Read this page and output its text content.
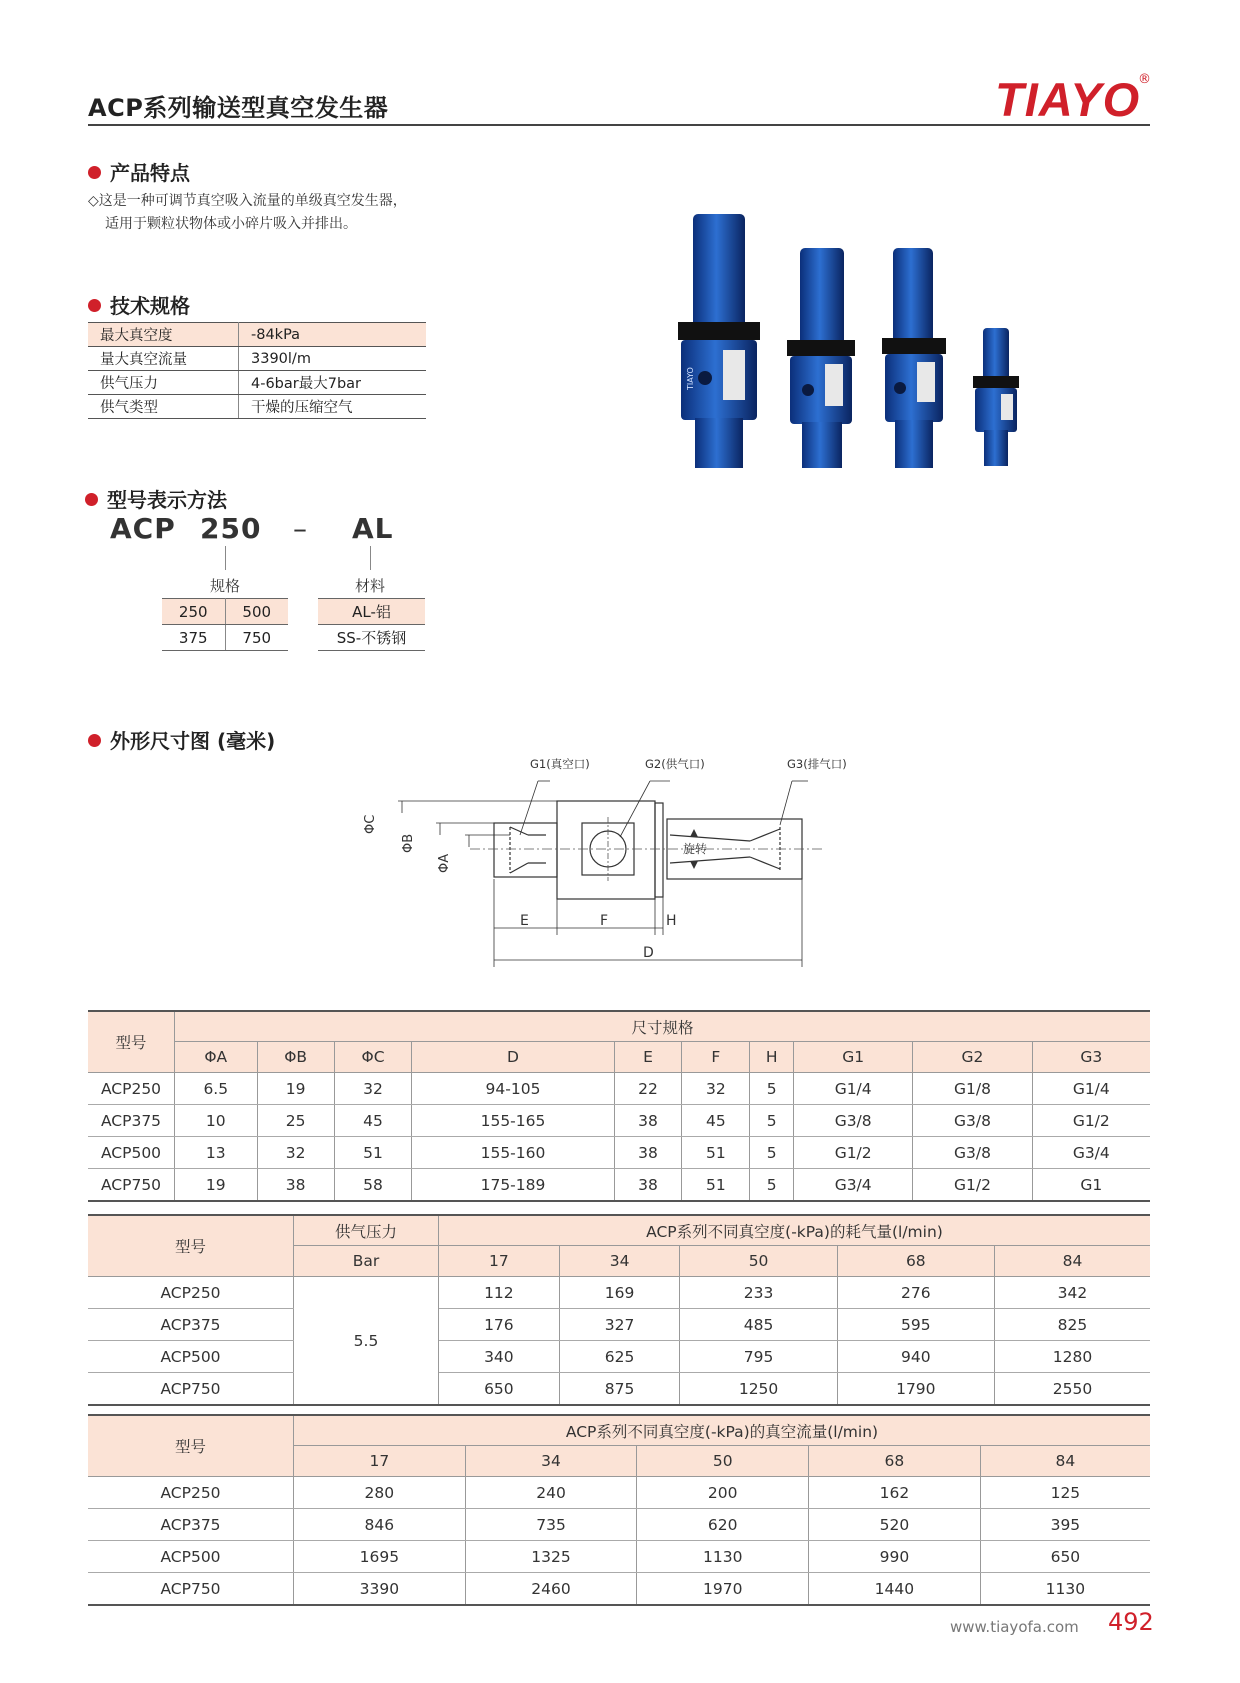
ACP系列输送型真空发生器	TIAYO
®
产品特点
◇这是一种可调节真空吸入流量的单级真空发生器，
适用于颗粒状物体或小碎片吸入并排出。
技术规格
最大真空度	-84kPa
量大真空流量	3390l/m
供气压力	4-6bar最大7bar
供气类型	干燥的压缩空气
型号表示方法
ACP 250 – AL
规格	材料
250	500
375	750
AL-铝
SS-不锈钢
TIAYO
外形尺寸图 (毫米)
G1(真空口)	G2(供气口)	G3(排气口)
旋转
ΦC
ΦB
ΦA
E	F	H
D
型号	尺寸规格									
	ΦA	ΦB	ΦC	D	E	F	H	G1	G2	G3
ACP250	6.5	19	32	94-105	22	32	5	G1/4	G1/8	G1/4
ACP375	10	25	45	155-165	38	45	5	G3/8	G3/8	G1/2
ACP500	13	32	51	155-160	38	51	5	G1/2	G3/8	G3/4
ACP750	19	38	58	175-189	38	51	5	G3/4	G1/2	G1
型号	供气压力	ACP系列不同真空度(-kPa)的耗气量(l/min)				
	Bar	17	34	50	68	84
ACP250	5.5	112	169	233	276	342
ACP375		176	327	485	595	825
ACP500		340	625	795	940	1280
ACP750		650	875	1250	1790	2550
型号	ACP系列不同真空度(-kPa)的真空流量(l/min)				
	17	34	50	68	84
ACP250	280	240	200	162	125
ACP375	846	735	620	520	395
ACP500	1695	1325	1130	990	650
ACP750	3390	2460	1970	1440	1130
www.tiayofa.com 492
